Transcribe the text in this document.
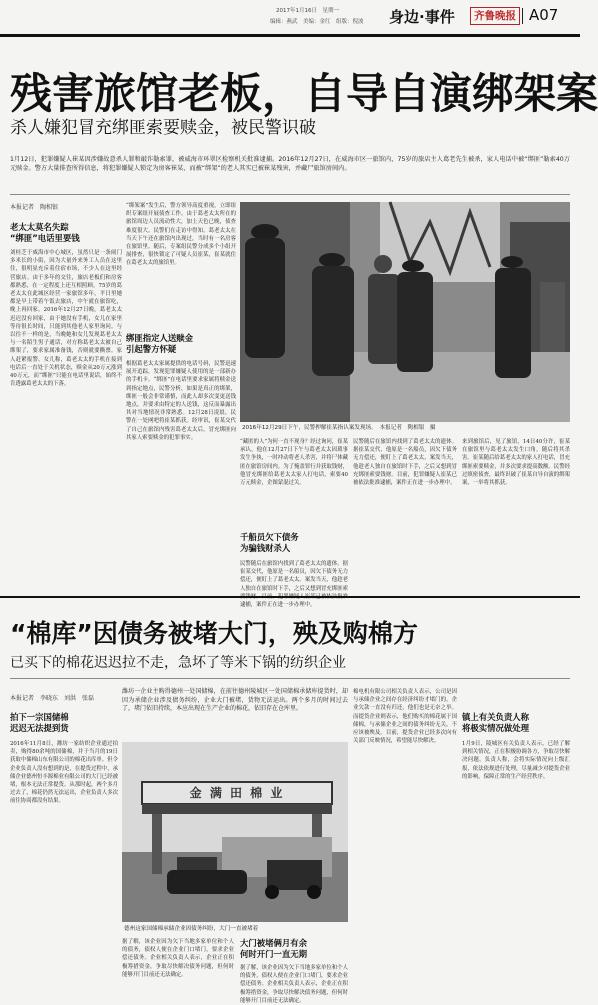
2017年1月16日　星期一
编辑：燕武　美编：金红　组版：倪波 身边·事件 齐鲁晚报 A07
残害旅馆老板，自导自演绑架案
杀人嫌犯冒充绑匪索要赎金，被民警识破
1月12日，犯罪嫌疑人崔某因涉嫌故意杀人罪和敲诈勒索罪，被威海市环翠区检察机关批准逮捕。2016年12月27日，在威海市区一旅馆内，75岁的旅店主人葛老先生被杀，家人电话中被“绑匪”勒索40万元赎金。警方大量排查所得信息，将犯罪嫌疑人锁定为房客崔某，而被“绑架”的老人其实已被崔某残害，并藏尸旅馆房间内。
本报记者　陶相银
老太太莫名失踪
“绑匪”电话里要钱
刘桂芝于威海市中心城区，虽然只是一条闹门多米长的小街，因为大量外来务工人员在这里住，很明显充斥着住宿市场，不少人在这里经营旅店。由于多年的交往，旅店老板们和房客都熟悉，在一定程度上还互相照顾。75岁的葛老太太在此城区经营一家旅馆多年，平日里她都是早上带着午饭去旅店，中午就在旅馆吃，晚上再回家。2016年12月27日晚，葛老太太迟迟没有回家，由于她没有手机，女儿在家里等待很长时间，只能到其他老人家里询问。与以往不一样的是，当晚她和女儿发现葛老太太与一名陌生男子通话，对方称葛老太太被自己绑架了，要求家属准备钱，否则就要撕票。家人赶紧报警。女儿称，葛老太太的手机在接到电话后一直处于关机状态，赎金从20万元涨到40万元，而“绑匪”只能在电话里说话，始终不肯透露葛老太太的下落。
“绑架案”发生后，警方领导高度重视，立即组织专案组开展侦查工作。由于葛老太太所在的旅馆周边人员流动性大，加上天色已晚，侦查难度很大。民警们在走访中得知，葛老太太在当天下午还在旅馆内出现过，当时有一名房客在旅馆里。随后，专案组民警分成多个小组开展排查，很快锁定了可疑人员崔某，崔某就住在葛老太太的旅馆里。
绑匪指定人送赎金
引起警方怀疑
根据葛老太太家属提供的电话号码，民警迅速展开追踪，发现犯罪嫌疑人使用的是一部新办的手机卡。“绑匪”在电话里要求家属将赎金送到指定地点，民警分析，如果是真正的绑架，绑匪一般会非常谨慎，而此人却多次变更送钱地点，并要求由特定的人送钱，这反而暴露出其对当地情况非常熟悉。12月28日凌晨，民警在一处网吧将崔某抓获。经审讯，崔某交代了自己在旅馆内残害葛老太太后，冒充绑匪向其家人索要赎金的犯罪事实。
2016年12月29日下午，民警押解崔某指认案发现场。　本报记者　陶相银　摄
“藏匿的人”为何一直不现身？经过询问，崔某承认，他在12月27日下午与葛老太太因琐事发生争执，一时冲动将老人杀害，并将尸体藏匿在旅馆房间内。为了掩盖罪行并获取钱财，他冒充绑匪给葛老太太家人打电话，索要40万元赎金，企图蒙混过关。
千船员欠下债务
为骗钱财杀人
民警随后在旅馆内找到了葛老太太的遗体。据崔某交代，他原是一名船员，因欠下债务无力偿还，便盯上了葛老太太。案发当天，他趁老人独自在旅馆时下手，之后又想到冒充绑匪索 逮捕，案件正在进一步办理中。
民警随后在旅馆内找到了葛老太太的遗体。据崔某交代，他原是一名船员，因欠下债务无力偿还，便盯上了葛老太太。案发当天，他趁老人独自在旅馆时下手，之后又想到冒充绑匪索要钱财。目前，犯罪嫌疑人崔某已被依法批准逮捕，案件正在进一步办理中。
来到旅馆后，见了旅馆，14日40分许，崔某在旅馆里与葛老太太发生口角，随后将其杀害。崔某随后给葛老太太的家人打电话，冒充绑匪索要赎金，并多次要求提高数额。民警经过缜密侦查，最终识破了崔某自导自演的绑架案，一举将其抓获。
“棉库”因债务被堵大门，殃及购棉方
已买下的棉花迟迟拉不走，急坏了等米下锅的纺织企业
本报记者　李晓东　刘洪　张磊
潍坊一企业主购得德州一处国储棉，在前往德州陵城区一处国储棉承储库提货时，却因为承储企业涉及债务纠纷，企业大门被堵，货物无法运出。两个多月的时间过去了，堵门依旧持续，本应出现在生产企业的棉花，依旧存在仓库里。
拍下一宗国储棉
迟迟无法提到货
2016年11月8日，潍坊一家纺织企业通过拍卖，购得80余吨的国储棉，并于当月的19日获取中储棉山东有限公司的棉花出库单。但令企业负责人没有想到的是，在提货过程中，承储企业德州恒丰源棉业有限公司的大门已经被堵，根本无法正常提货。从那时起，两个多月过去了，棉花仍然无法运出，企业负责人多次前往协商都没有结果。
金 满 田 棉 业
德州这家国储棉承储企业因债务纠纷，大门一直被堵着
大门被堵俩月有余
何时开门一直无期
据了解，该企业因为欠下当地多家单位和个人的债务，债权人便在企业门口堵门，要求企业偿还债务。企业相关负责人表示，企业正在积极筹措资金，争取尽快解决债务问题，但何时能够开门目前还无法确定。
据了解，该企业因为欠下当地多家单位和个人的债务，债权人便在企业门口堵门，要求企业偿还债务。企业相关负责人表示，企业正在积极筹措资金，争取尽快解决债务问题，但何时能够开门目前还无法确定。
棉电机有限公司相关负责人表示，公司是因与承储企业之间存在经济纠纷才堵门的，企业欠款一直没有归还，他们也是无奈之举。而提货企业则表示，他们购买的棉花属于国储棉，与承储企业之间的债务纠纷无关，不应该被殃及。目前，提货企业已经多次向有关部门反映情况，希望能尽快解决。
镇上有关负责人称
将极实情况做处理
1月9日，陵城区有关负责人表示，已经了解到相关情况，正在积极协调各方，争取尽快解决问题。负责人称，会将实际情况向上级汇报，依法依规进行处理，尽量减少对提货企业的影响，保障正常的生产经营秩序。
